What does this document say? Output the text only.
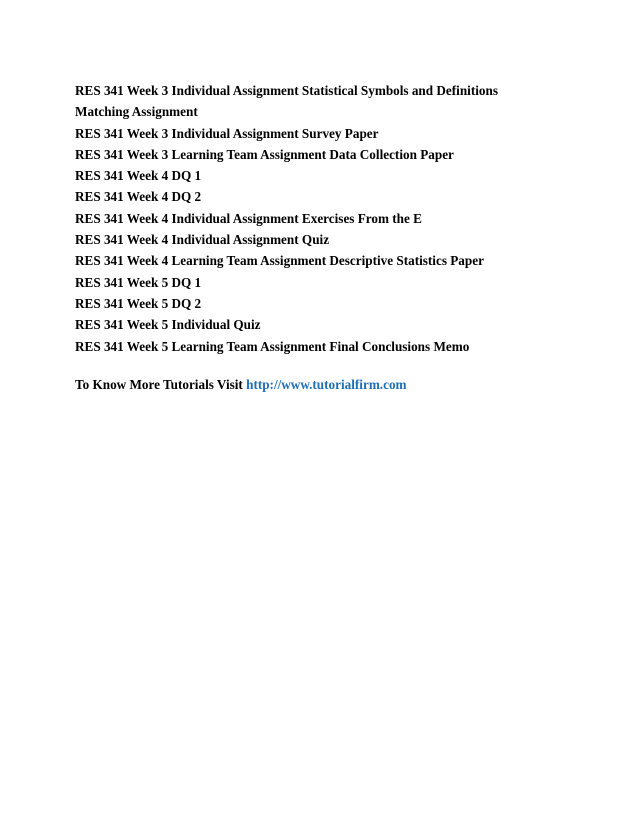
RES 341 Week 3 Individual Assignment Statistical Symbols and Definitions
Matching Assignment
RES 341 Week 3 Individual Assignment Survey Paper
RES 341 Week 3 Learning Team Assignment Data Collection Paper
RES 341 Week 4 DQ 1
RES 341 Week 4 DQ 2
RES 341 Week 4 Individual Assignment Exercises From the E
RES 341 Week 4 Individual Assignment Quiz
RES 341 Week 4 Learning Team Assignment Descriptive Statistics Paper
RES 341 Week 5 DQ 1
RES 341 Week 5 DQ 2
RES 341 Week 5 Individual Quiz
RES 341 Week 5 Learning Team Assignment Final Conclusions Memo
To Know More Tutorials Visit http://www.tutorialfirm.com
